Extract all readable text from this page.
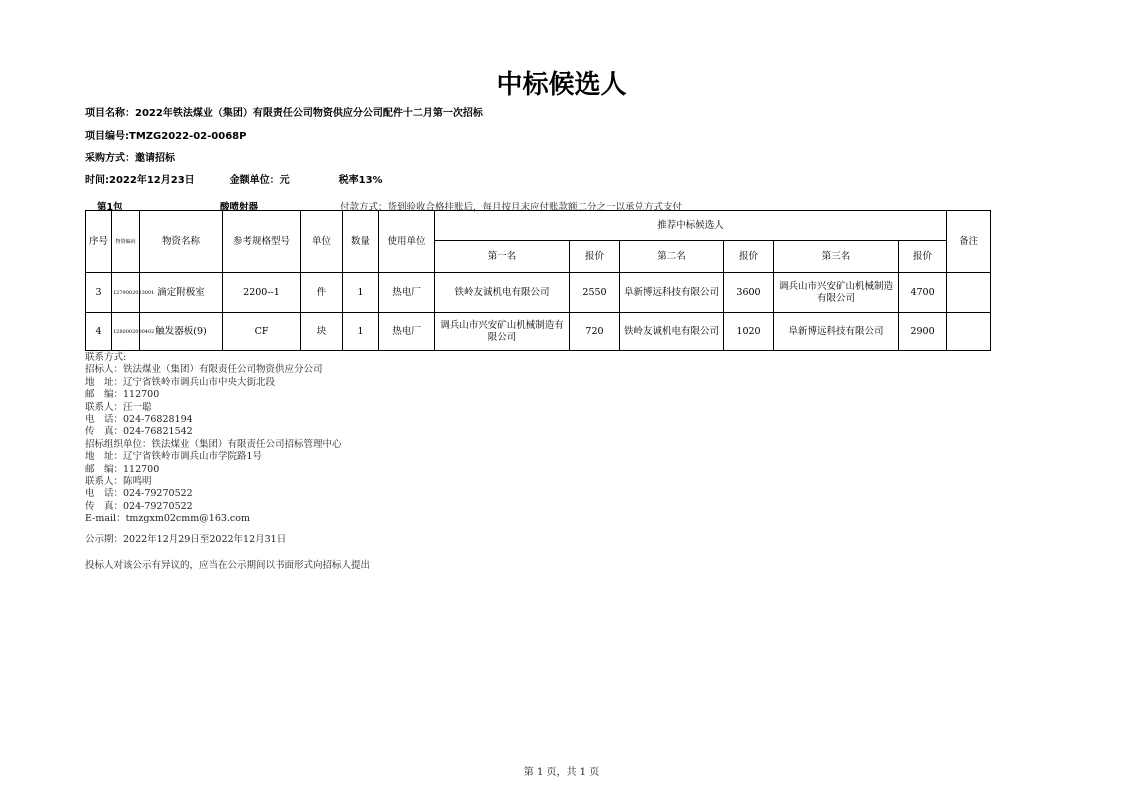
中标候选人
项目名称：2022年铁法煤业（集团）有限责任公司物资供应分公司配件十二月第一次招标
项目编号:TMZG2022-02-0068P
采购方式：邀请招标
时间:2022年12月23日	金额单位：元	税率13%
第1包	酸喷射器	付款方式：货到验收合格挂账后，每月按月末应付账款额二分之一以承兑方式支付
序号	物资编码	物资名称	参考规格型号	单位	数量	使用单位	推荐中标候选人						备注
							第一名	报价	第二名	报价	第三名	报价	
3	1279002023001	滴定附极室	2200--1	件	1	热电厂	铁岭友诚机电有限公司	2550	阜新博远科技有限公司	3600	调兵山市兴安矿山机械制造有限公司	4700	
4	1280002000402	触发器板(9)	CF	块	1	热电厂	调兵山市兴安矿山机械制造有限公司	720	铁岭友诚机电有限公司	1020	阜新博远科技有限公司	2900	
联系方式:
招标人：铁法煤业（集团）有限责任公司物资供应分公司
地　址：辽宁省铁岭市调兵山市中央大街北段
邮　编：112700
联系人：汪一聪
电　话：024-76828194
传　真：024-76821542
招标组织单位：铁法煤业（集团）有限责任公司招标管理中心
地　址：辽宁省铁岭市调兵山市学院路1号
邮　编：112700
联系人：陈鸣明
电　话：024-79270522
传　真：024-79270522
E-mail：tmzgxm02cmm@163.com
公示期：2022年12月29日至2022年12月31日
投标人对该公示有异议的，应当在公示期间以书面形式向招标人提出
第 1 页，共 1 页
